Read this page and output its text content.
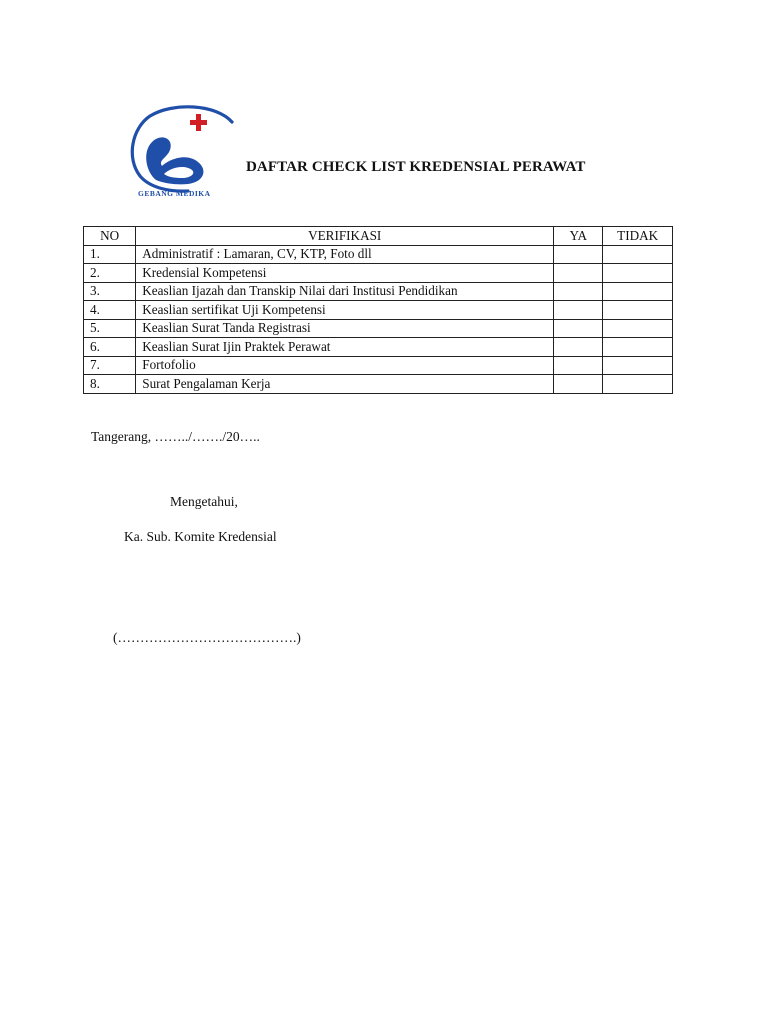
GEBANG MEDIKA
DAFTAR CHECK LIST KREDENSIAL PERAWAT
NO	VERIFIKASI	YA	TIDAK
1.	Administratif : Lamaran, CV, KTP, Foto dll		
2.	Kredensial Kompetensi		
3.	Keaslian Ijazah dan Transkip Nilai dari Institusi Pendidikan		
4.	Keaslian sertifikat Uji Kompetensi		
5.	Keaslian Surat Tanda Registrasi		
6.	Keaslian Surat Ijin Praktek Perawat		
7.	Fortofolio		
8.	Surat Pengalaman Kerja		
Tangerang, ……../……./20…..
Mengetahui,
Ka. Sub. Komite Kredensial
(………………………………….)
